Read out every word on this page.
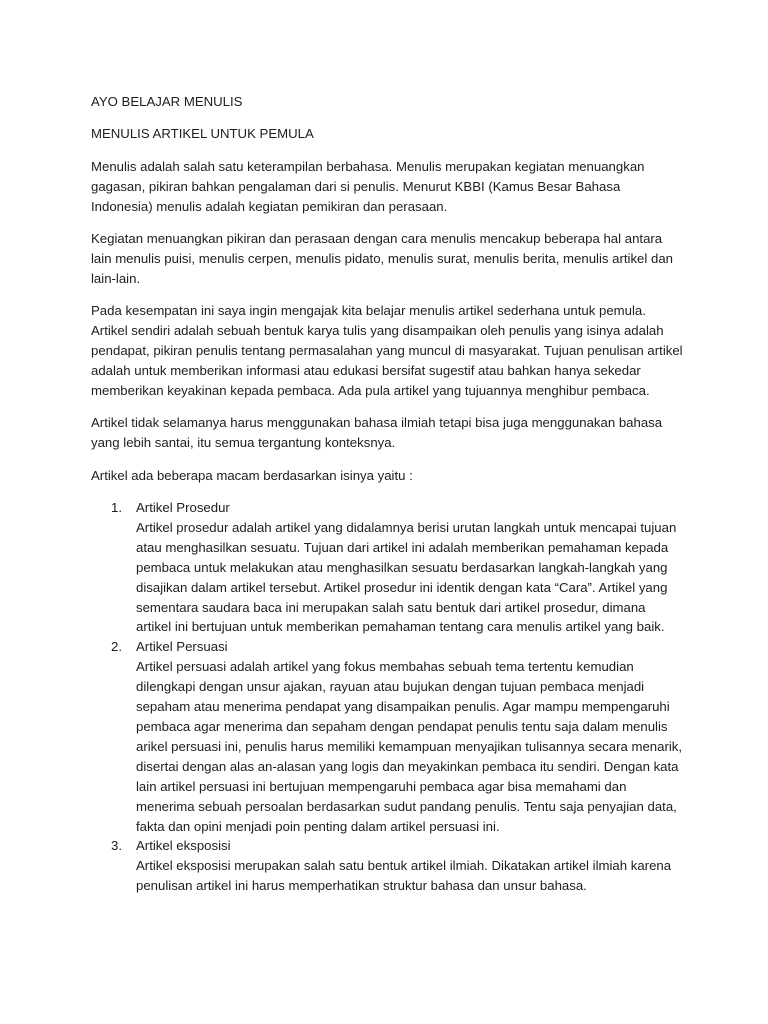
AYO BELAJAR MENULIS

MENULIS ARTIKEL UNTUK PEMULA

Menulis adalah salah satu keterampilan berbahasa. Menulis merupakan kegiatan menuangkan gagasan, pikiran bahkan pengalaman dari si penulis. Menurut KBBI (Kamus Besar Bahasa Indonesia) menulis adalah kegiatan pemikiran dan perasaan.

Kegiatan menuangkan pikiran dan perasaan dengan cara menulis mencakup beberapa hal antara lain menulis puisi, menulis cerpen, menulis pidato, menulis surat, menulis berita, menulis artikel dan lain-lain.

Pada kesempatan ini saya ingin mengajak kita belajar menulis artikel sederhana untuk pemula. Artikel sendiri adalah sebuah bentuk karya tulis yang disampaikan oleh penulis yang isinya adalah pendapat, pikiran penulis tentang permasalahan yang muncul di masyarakat. Tujuan penulisan artikel adalah untuk memberikan informasi atau edukasi bersifat sugestif atau bahkan hanya sekedar memberikan keyakinan kepada pembaca. Ada pula artikel yang tujuannya menghibur pembaca.

Artikel tidak selamanya harus menggunakan bahasa ilmiah tetapi bisa juga menggunakan bahasa yang lebih santai, itu semua tergantung konteksnya.

Artikel ada beberapa macam berdasarkan isinya yaitu :

1. Artikel Prosedur
Artikel prosedur adalah artikel yang didalamnya berisi urutan langkah untuk mencapai tujuan atau menghasilkan sesuatu. Tujuan dari artikel ini adalah memberikan pemahaman kepada pembaca untuk melakukan atau menghasilkan sesuatu berdasarkan langkah-langkah yang disajikan dalam artikel tersebut. Artikel prosedur ini identik dengan kata “Cara”. Artikel yang sementara saudara baca ini merupakan salah satu bentuk dari artikel prosedur, dimana artikel ini bertujuan untuk memberikan pemahaman tentang cara menulis artikel yang baik.
2. Artikel Persuasi
Artikel persuasi adalah artikel yang fokus membahas sebuah tema tertentu kemudian dilengkapi dengan unsur ajakan, rayuan atau bujukan dengan tujuan pembaca menjadi sepaham atau menerima pendapat yang disampaikan penulis. Agar mampu mempengaruhi pembaca agar menerima dan sepaham dengan pendapat penulis tentu saja dalam menulis arikel persuasi ini, penulis harus memiliki kemampuan menyajikan tulisannya secara menarik, disertai dengan alas an-alasan yang logis dan meyakinkan pembaca itu sendiri. Dengan kata lain artikel persuasi ini bertujuan mempengaruhi pembaca agar bisa memahami dan menerima sebuah persoalan berdasarkan sudut pandang penulis. Tentu saja penyajian data, fakta dan opini menjadi poin penting dalam artikel persuasi ini.
3. Artikel eksposisi
Artikel eksposisi merupakan salah satu bentuk artikel ilmiah. Dikatakan artikel ilmiah karena penulisan artikel ini harus memperhatikan struktur bahasa dan unsur bahasa.
